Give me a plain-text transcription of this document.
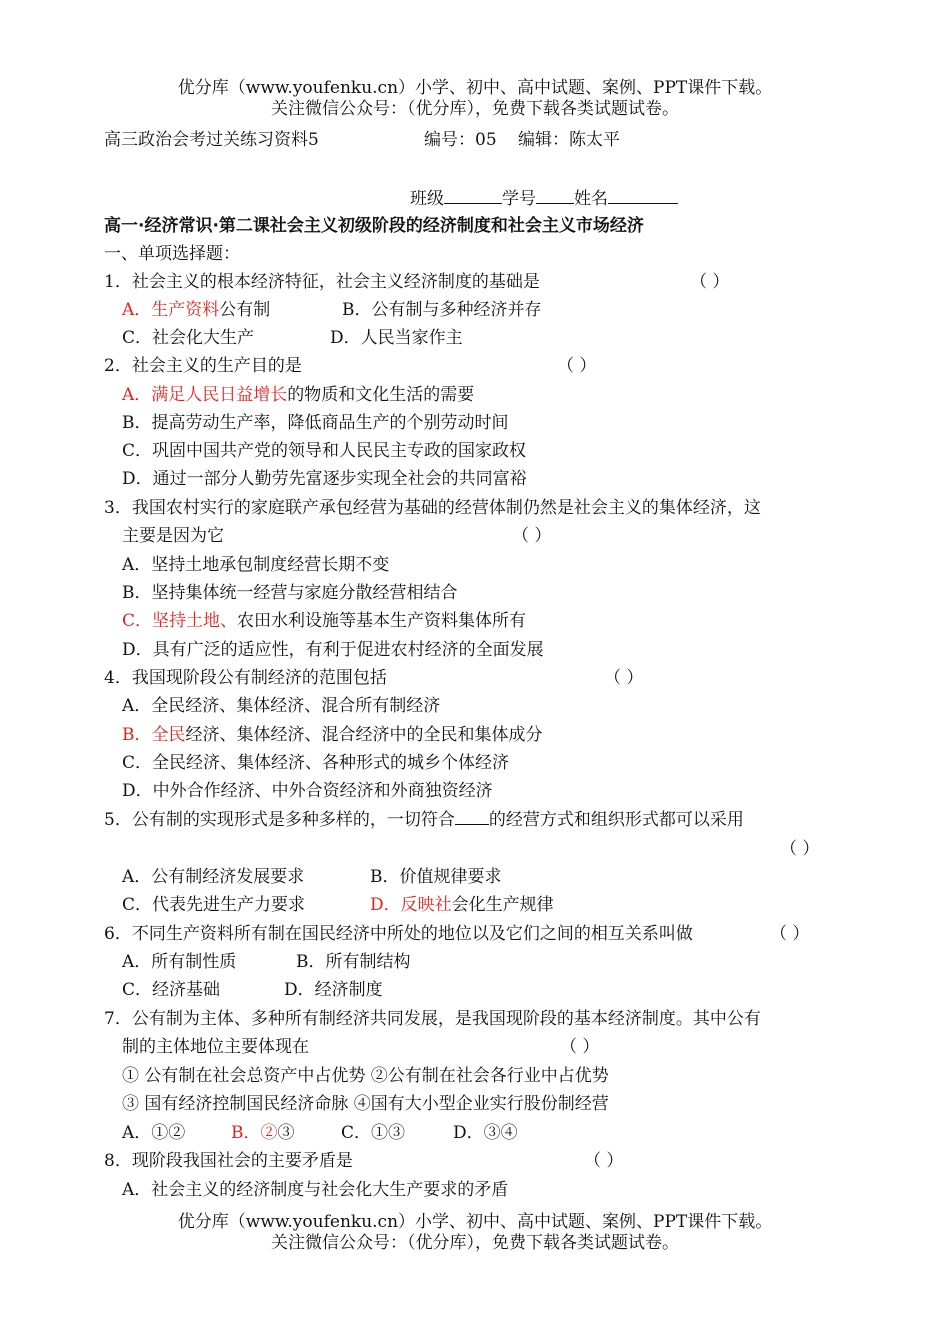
优分库（www.youfenku.cn）小学、初中、高中试题、案例、PPT课件下载。
关注微信公众号：（优分库），免费下载各类试题试卷。
高三政治会考过关练习资料5	编号：05 编辑：陈太平
班级	学号 姓名
高一·经济常识·第二课社会主义初级阶段的经济制度和社会主义市场经济
一、单项选择题：
1．社会主义的根本经济特征，社会主义经济制度的基础是	（ ）
A．生产资料公有制	B．公有制与多种经济并存
C．社会化大生产	D．人民当家作主
2．社会主义的生产目的是	（ ）
A．满足人民日益增长的物质和文化生活的需要
B．提高劳动生产率，降低商品生产的个别劳动时间
C．巩固中国共产党的领导和人民民主专政的国家政权
D．通过一部分人勤劳先富逐步实现全社会的共同富裕
3．我国农村实行的家庭联产承包经营为基础的经营体制仍然是社会主义的集体经济，这
主要是因为它	（ ）
A．坚持土地承包制度经营长期不变
B．坚持集体统一经营与家庭分散经营相结合
C．坚持土地、农田水利设施等基本生产资料集体所有
D．具有广泛的适应性，有利于促进农村经济的全面发展
4．我国现阶段公有制经济的范围包括	（ ）
A．全民经济、集体经济、混合所有制经济
B．全民经济、集体经济、混合经济中的全民和集体成分
C．全民经济、集体经济、各种形式的城乡个体经济
D．中外合作经济、中外合资经济和外商独资经济
5．公有制的实现形式是多种多样的，一切符合 的经营方式和组织形式都可以采用
（ ）
A．公有制经济发展要求	B．价值规律要求
C．代表先进生产力要求	D．反映社会化生产规律
6．不同生产资料所有制在国民经济中所处的地位以及它们之间的相互关系叫做	（ ）
A．所有制性质	B．所有制结构
C．经济基础	D．经济制度
7．公有制为主体、多种所有制经济共同发展，是我国现阶段的基本经济制度。其中公有
制的主体地位主要体现在	（ ）
① 公有制在社会总资产中占优势 ②公有制在社会各行业中占优势
③ 国有经济控制国民经济命脉 ④国有大小型企业实行股份制经营
A．①②	B．②③	C．①③	D．③④
8．现阶段我国社会的主要矛盾是	（ ）
A．社会主义的经济制度与社会化大生产要求的矛盾
优分库（www.youfenku.cn）小学、初中、高中试题、案例、PPT课件下载。
关注微信公众号：（优分库），免费下载各类试题试卷。
